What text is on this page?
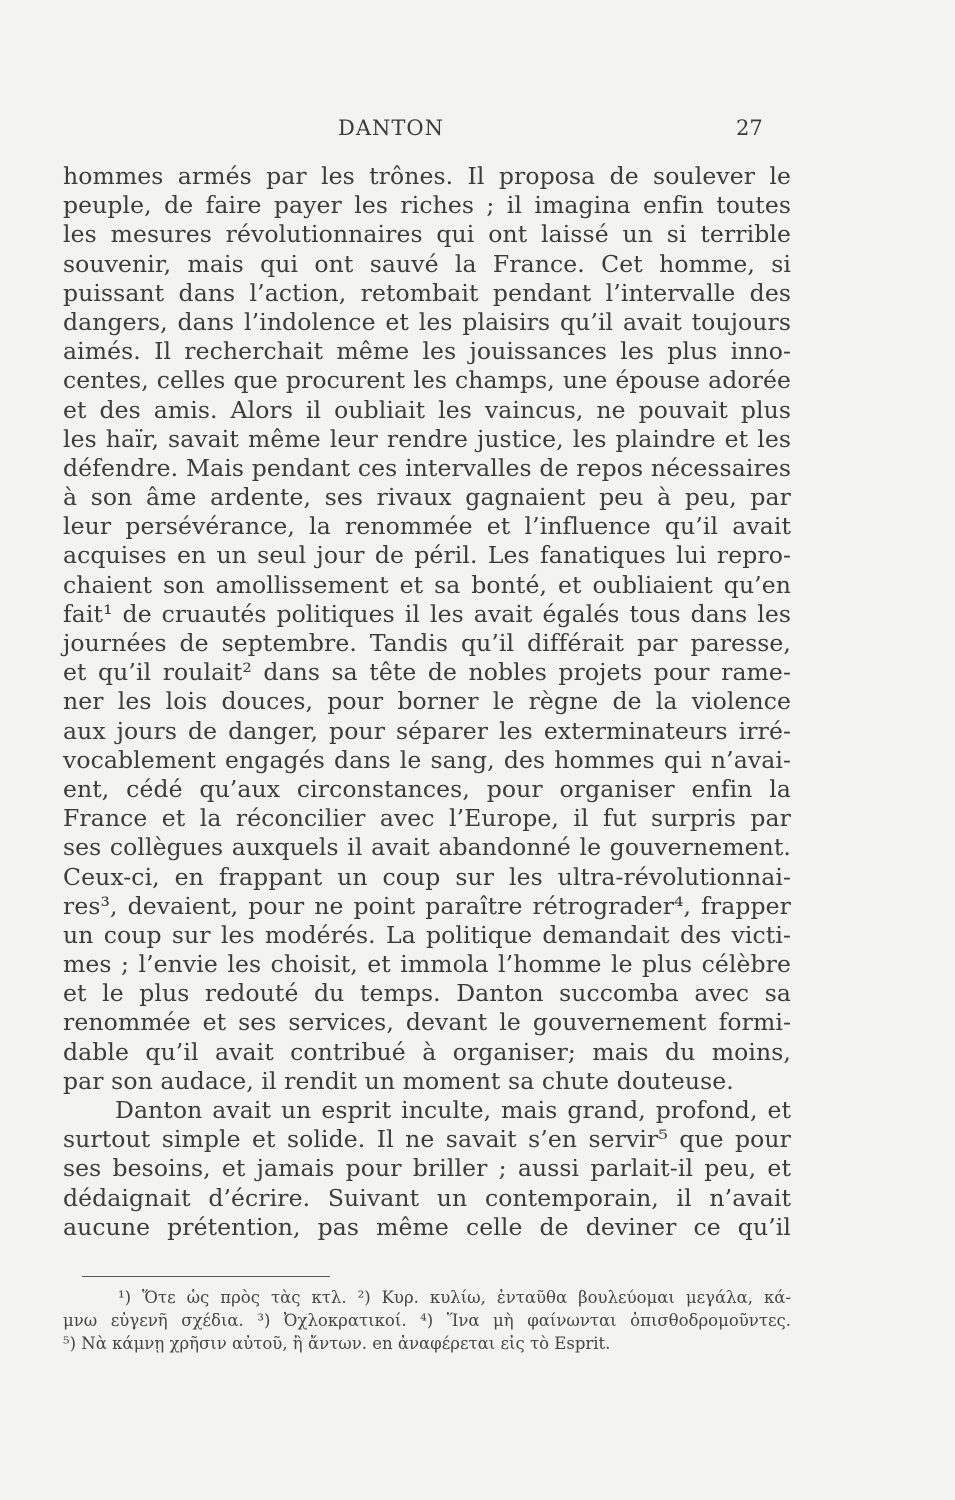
DANTON	27
hommes armés par les trônes. Il proposa de soulever le
peuple, de faire payer les riches ; il imagina enfin toutes
les mesures révolutionnaires qui ont laissé un si terrible
souvenir, mais qui ont sauvé la France. Cet homme, si
puissant dans l’action, retombait pendant l’intervalle des
dangers, dans l’indolence et les plaisirs qu’il avait toujours
aimés. Il recherchait même les jouissances les plus inno-
centes, celles que procurent les champs, une épouse adorée
et des amis. Alors il oubliait les vaincus, ne pouvait plus
les haïr, savait même leur rendre justice, les plaindre et les
défendre. Mais pendant ces intervalles de repos nécessaires
à son âme ardente, ses rivaux gagnaient peu à peu, par
leur persévérance, la renommée et l’influence qu’il avait
acquises en un seul jour de péril. Les fanatiques lui repro-
chaient son amollissement et sa bonté, et oubliaient qu’en
fait¹ de cruautés politiques il les avait égalés tous dans les
journées de septembre. Tandis qu’il différait par paresse,
et qu’il roulait² dans sa tête de nobles projets pour rame-
ner les lois douces, pour borner le règne de la violence
aux jours de danger, pour séparer les exterminateurs irré-
vocablement engagés dans le sang, des hommes qui n’avai-
ent, cédé qu’aux circonstances, pour organiser enfin la
France et la réconcilier avec l’Europe, il fut surpris par
ses collègues auxquels il avait abandonné le gouvernement.
Ceux-ci, en frappant un coup sur les ultra-révolutionnai-
res³, devaient, pour ne point paraître rétrograder⁴, frapper
un coup sur les modérés. La politique demandait des victi-
mes ; l’envie les choisit, et immola l’homme le plus célèbre
et le plus redouté du temps. Danton succomba avec sa
renommée et ses services, devant le gouvernement formi-
dable qu’il avait contribué à organiser; mais du moins,
par son audace, il rendit un moment sa chute douteuse.
Danton avait un esprit inculte, mais grand, profond, et
surtout simple et solide. Il ne savait s’en servir⁵ que pour
ses besoins, et jamais pour briller ; aussi parlait-il peu, et
dédaignait d’écrire. Suivant un contemporain, il n’avait
aucune prétention, pas même celle de deviner ce qu’il
¹) Ὅτε ὡς πρὸς τὰς κτλ. ²) Κυρ. κυλίω, ἐνταῦθα βουλεύομαι μεγάλα, κά-
μνω εὐγενῆ σχέδια. ³) Ὀχλοκρατικοί. ⁴) Ἵνα μὴ φαίνωνται ὀπισθοδρομοῦντες.
⁵) Νὰ κάμνῃ χρῆσιν αὐτοῦ, ἢ ἄντων. en ἀναφέρεται εἰς τὸ Esprit.
